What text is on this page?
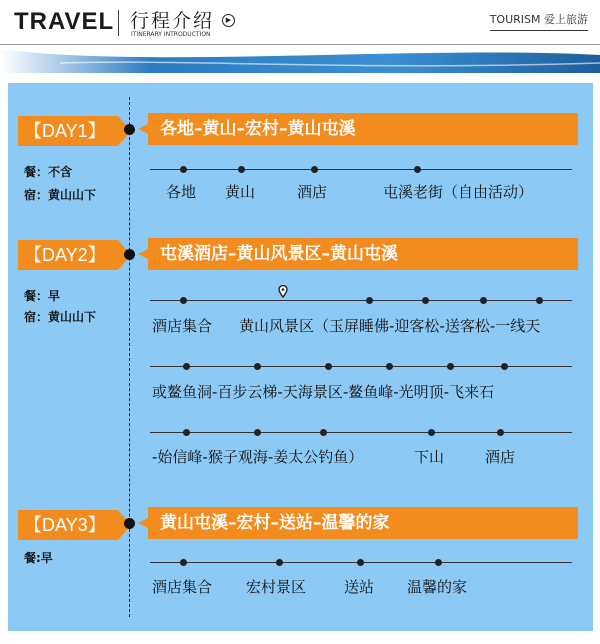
TRAVEL 行程介绍
ITINERARY INTRODUCTION
▶	TOURISM 爱上旅游
【DAY1】	各地–黄山–宏村–黄山屯溪
餐：不含
宿：黄山山下	各地 黄山	酒店	屯溪老街（自由活动）
【DAY2】	屯溪酒店–黄山风景区–黄山屯溪
餐：早
宿：黄山山下	酒店集合 黄山风景区（玉屏睡佛-迎客松-送客松-一线天
或鳌鱼洞-百步云梯-天海景区-鳌鱼峰-光明顶-飞来石
-始信峰-猴子观海-姜太公钓鱼）	下山	酒店
【DAY3】	黄山屯溪–宏村–送站–温馨的家
餐:早
酒店集合 宏村景区	送站 温馨的家
